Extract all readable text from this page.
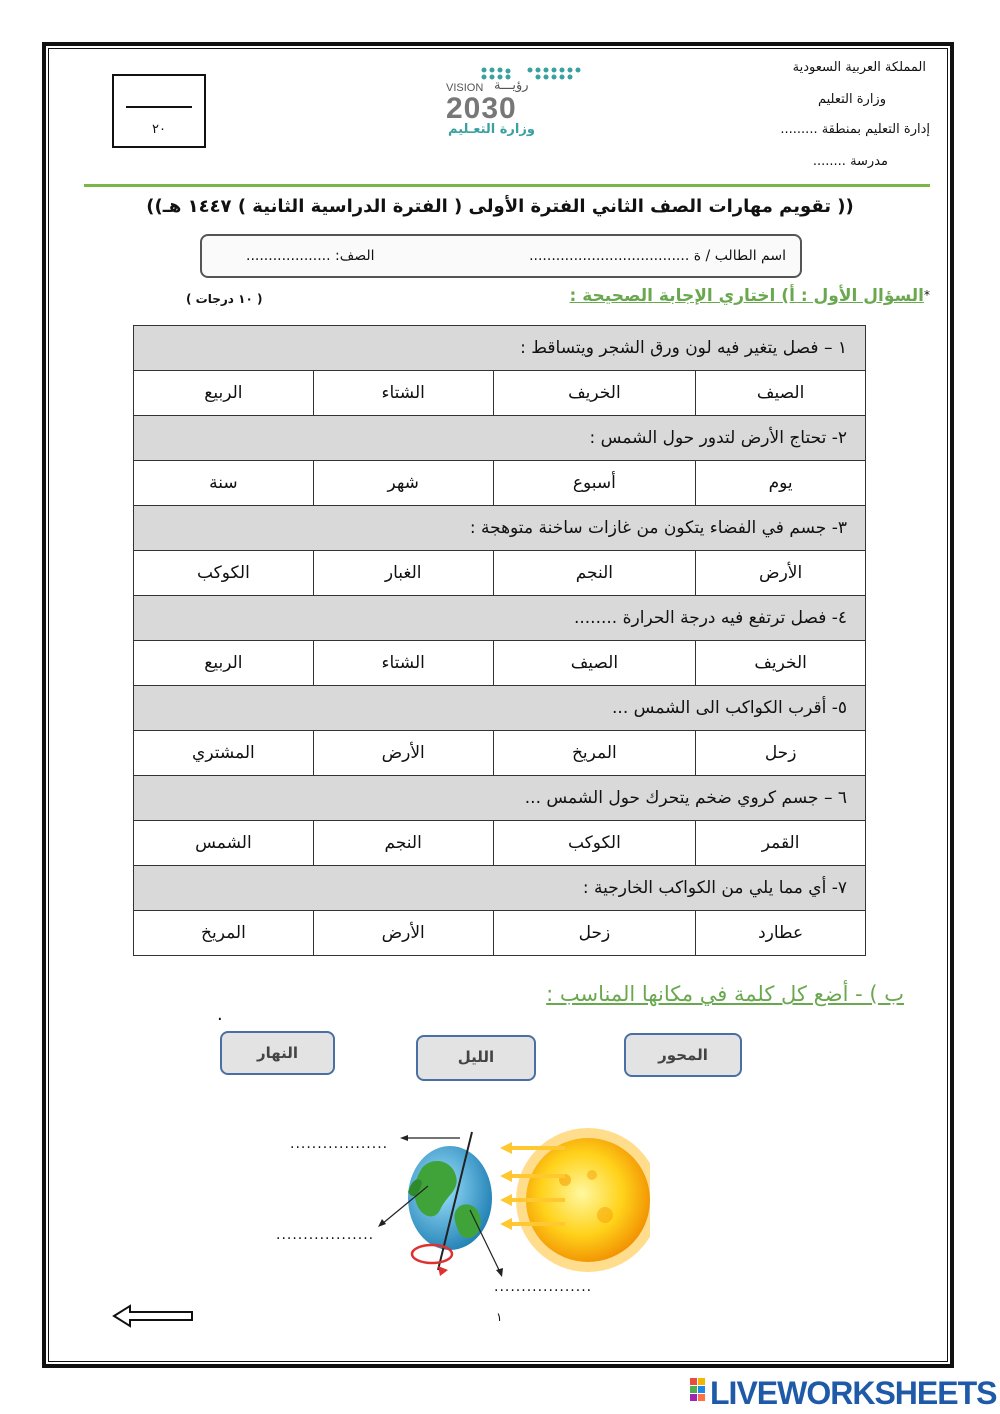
المملكة العربية السعودية
وزارة التعليم
إدارة التعليم بمنطقة .........
مدرسة ........
٢٠
VISION رؤيـــة
2030
وزارة التعـليم
(( تقويم مهارات الصف الثاني الفترة الأولى ( الفترة الدراسية الثانية ) ١٤٤٧ هـ))
اسم الطالب / ة ....................................
الصف: ...................
*
السؤال الأول : أ) اختاري الإجابة الصحيحة :
( ١٠ درجات )
١ – فصل يتغير فيه لون ورق الشجر ويتساقط :			
الصيف	الخريف	الشتاء	الربيع
٢- تحتاج الأرض لتدور حول الشمس :			
يوم	أسبوع	شهر	سنة
٣- جسم في الفضاء يتكون من غازات ساخنة متوهجة :			
الأرض	النجم	الغبار	الكوكب
٤- فصل ترتفع فيه درجة الحرارة ........			
الخريف	الصيف	الشتاء	الربيع
٥- أقرب الكواكب الى الشمس ...			
زحل	المريخ	الأرض	المشتري
٦ – جسم كروي ضخم يتحرك حول الشمس ...			
القمر	الكوكب	النجم	الشمس
٧- أي مما يلي من الكواكب الخارجية :			
عطارد	زحل	الأرض	المريخ
ب ) - أضع كل كلمة في مكانها المناسب :
.
النهار	الليل	المحور
..................
..................
..................
١
LIVEWORKSHEETS
